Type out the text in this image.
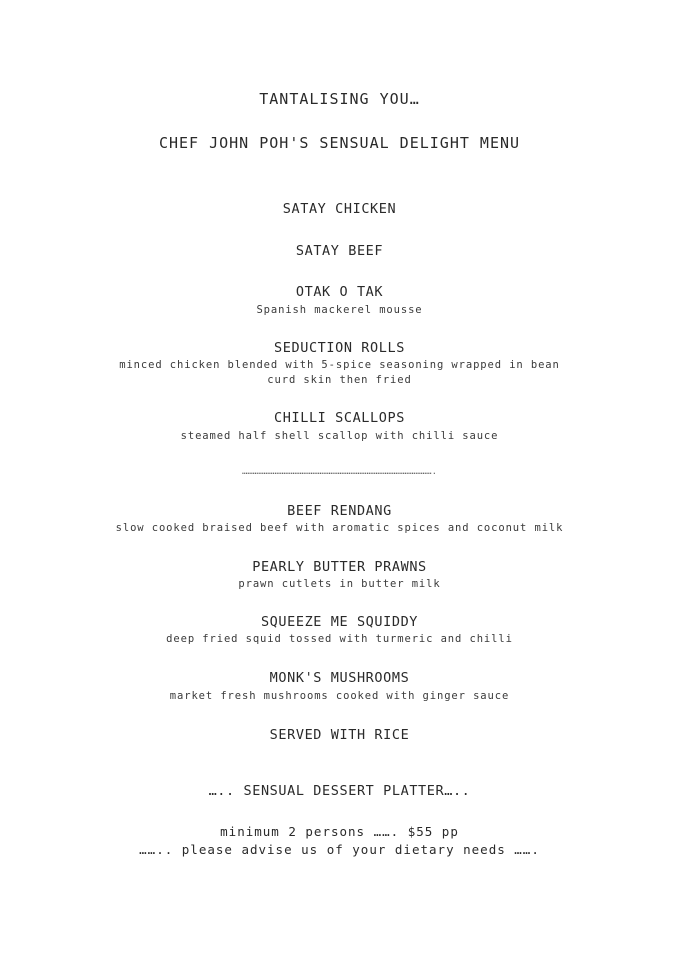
TANTALISING YOU…
CHEF JOHN POH'S SENSUAL DELIGHT MENU
SATAY CHICKEN
SATAY BEEF
OTAK O TAK
Spanish mackerel mousse
SEDUCTION ROLLS
minced chicken blended with 5-spice seasoning wrapped in bean
curd skin then fried
CHILLI SCALLOPS
steamed half shell scallop with chilli sauce
…………………………………………………………………………………………….
BEEF RENDANG
slow cooked braised beef with aromatic spices and coconut milk
PEARLY BUTTER PRAWNS
prawn cutlets in butter milk
SQUEEZE ME SQUIDDY
deep fried squid tossed with turmeric and chilli
MONK'S MUSHROOMS
market fresh mushrooms cooked with ginger sauce
SERVED WITH RICE
….. SENSUAL DESSERT PLATTER…..
minimum 2 persons ……. $55 pp
…….. please advise us of your dietary needs …….
